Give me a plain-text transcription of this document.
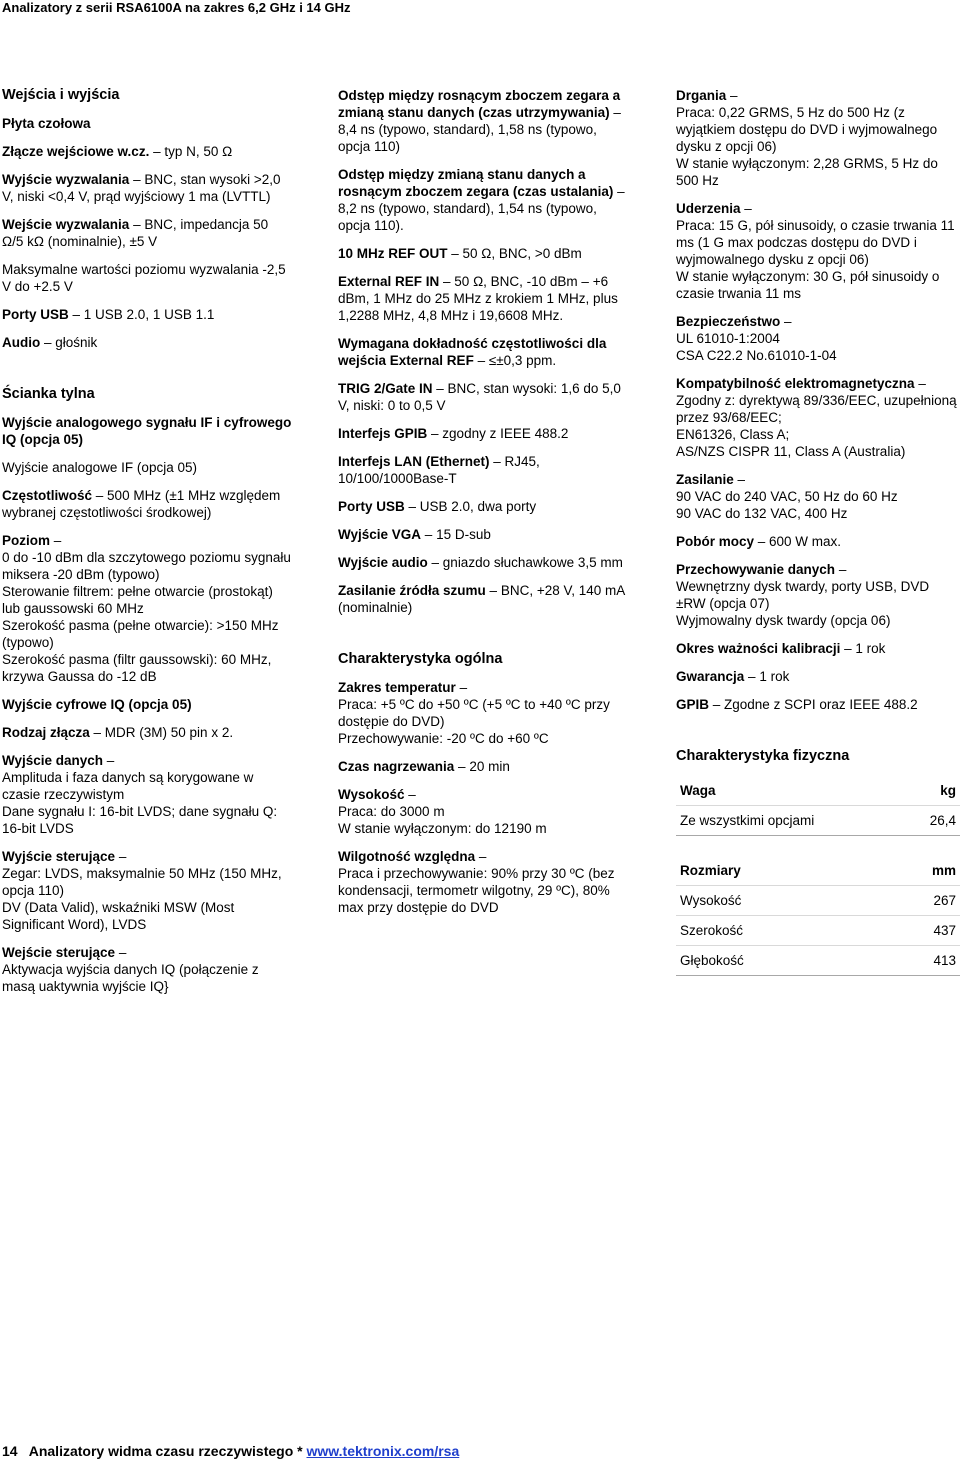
Analizatory z serii RSA6100A na zakres 6,2 GHz i 14 GHz
Wejścia i wyjścia
Płyta czołowa
Złącze wejściowe w.cz. – typ N, 50 Ω
Wyjście wyzwalania – BNC, stan wysoki >2,0 V, niski <0,4 V, prąd wyjściowy 1 ma (LVTTL)
Wejście wyzwalania – BNC, impedancja 50 Ω/5 kΩ (nominalnie), ±5 V
Maksymalne wartości poziomu wyzwalania -2,5 V do +2.5 V
Porty USB – 1 USB 2.0, 1 USB 1.1
Audio – głośnik
Ścianka tylna
Wyjście analogowego sygnału IF i cyfrowego IQ (opcja 05)
Wyjście analogowe IF (opcja 05)
Częstotliwość – 500 MHz (±1 MHz względem wybranej częstotliwości środkowej)
Poziom –
0 do -10 dBm dla szczytowego poziomu sygnału miksera -20 dBm (typowo)
Sterowanie filtrem: pełne otwarcie (prostokąt) lub gaussowski 60 MHz
Szerokość pasma (pełne otwarcie): >150 MHz (typowo)
Szerokość pasma (filtr gaussowski): 60 MHz, krzywa Gaussa do -12 dB
Wyjście cyfrowe IQ (opcja 05)
Rodzaj złącza – MDR (3M) 50 pin x 2.
Wyjście danych –
Amplituda i faza danych są korygowane w czasie rzeczywistym
Dane sygnału I: 16-bit LVDS; dane sygnału Q: 16-bit LVDS
Wyjście sterujące –
Zegar: LVDS, maksymalnie 50 MHz (150 MHz, opcja 110)
DV (Data Valid), wskaźniki MSW (Most Significant Word), LVDS
Wejście sterujące –
Aktywacja wyjścia danych IQ (połączenie z masą uaktywnia wyjście IQ}
Odstęp między rosnącym zboczem zegara a zmianą stanu danych (czas utrzymywania) – 8,4 ns (typowo, standard), 1,58 ns (typowo, opcja 110)
Odstęp między zmianą stanu danych a rosnącym zboczem zegara (czas ustalania) – 8,2 ns (typowo, standard), 1,54 ns (typowo, opcja 110).
10 MHz REF OUT – 50 Ω, BNC, >0 dBm
External REF IN – 50 Ω, BNC, -10 dBm – +6 dBm, 1 MHz do 25 MHz z krokiem 1 MHz, plus 1,2288 MHz, 4,8 MHz i 19,6608 MHz.
Wymagana dokładność częstotliwości dla wejścia External REF – ≤±0,3 ppm.
TRIG 2/Gate IN – BNC, stan wysoki: 1,6 do 5,0 V, niski: 0 to 0,5 V
Interfejs GPIB – zgodny z IEEE 488.2
Interfejs LAN (Ethernet) – RJ45, 10/100/1000Base-T
Porty USB – USB 2.0, dwa porty
Wyjście VGA – 15 D-sub
Wyjście audio – gniazdo słuchawkowe 3,5 mm
Zasilanie źródła szumu – BNC, +28 V, 140 mA (nominalnie)
Charakterystyka ogólna
Zakres temperatur –
Praca: +5 ºC do +50 ºC (+5 ºC to +40 ºC przy dostępie do DVD)
Przechowywanie: -20 ºC do +60 ºC
Czas nagrzewania – 20 min
Wysokość –
Praca: do 3000 m
W stanie wyłączonym: do 12190 m
Wilgotność względna –
Praca i przechowywanie: 90% przy 30 ºC (bez kondensacji, termometr wilgotny, 29 ºC), 80% max przy dostępie do DVD
Drgania –
Praca: 0,22 GRMS, 5 Hz do 500 Hz (z wyjątkiem dostępu do DVD i wyjmowalnego dysku z opcji 06)
W stanie wyłączonym: 2,28 GRMS, 5 Hz do 500 Hz
Uderzenia –
Praca: 15 G, pół sinusoidy, o czasie trwania 11 ms (1 G max podczas dostępu do DVD i wyjmowalnego dysku z opcji 06)
W stanie wyłączonym: 30 G, pół sinusoidy o czasie trwania 11 ms
Bezpieczeństwo –
UL 61010-1:2004
CSA C22.2 No.61010-1-04
Kompatybilność elektromagnetyczna –
Zgodny z: dyrektywą 89/336/EEC, uzupełnioną przez 93/68/EEC;
EN61326, Class A;
AS/NZS CISPR 11, Class A (Australia)
Zasilanie –
90 VAC do 240 VAC, 50 Hz do 60 Hz
90 VAC do 132 VAC, 400 Hz
Pobór mocy – 600 W max.
Przechowywanie danych –
Wewnętrzny dysk twardy, porty USB, DVD ±RW (opcja 07)
Wyjmowalny dysk twardy (opcja 06)
Okres ważności kalibracji – 1 rok
Gwarancja – 1 rok
GPIB – Zgodne z SCPI oraz IEEE 488.2
Charakterystyka fizyczna
Waga	kg
Ze wszystkimi opcjami	26,4
Rozmiary	mm
Wysokość	267
Szerokość	437
Głębokość	413
14 Analizatory widma czasu rzeczywistego * www.tektronix.com/rsa
